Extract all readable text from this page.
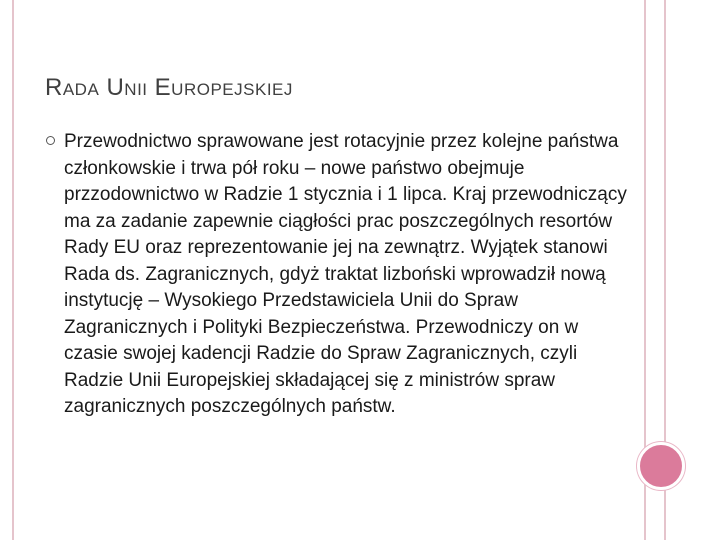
Rada Unii Europejskiej
Przewodnictwo sprawowane jest rotacyjnie przez kolejne państwa członkowskie i trwa pół roku – nowe państwo obejmuje przzodownictwo w Radzie 1 stycznia i 1 lipca. Kraj przewodniczący ma za zadanie zapewnie ciągłości prac poszczególnych resortów Rady EU oraz reprezentowanie jej na zewnątrz. Wyjątek stanowi Rada ds. Zagranicznych, gdyż traktat lizboński wprowadził nową instytucję – Wysokiego Przedstawiciela Unii do Spraw Zagranicznych i Polityki Bezpieczeństwa. Przewodniczy on w czasie swojej kadencji Radzie do Spraw Zagranicznych, czyli Radzie Unii Europejskiej składającej się z ministrów spraw zagranicznych poszczególnych państw.
